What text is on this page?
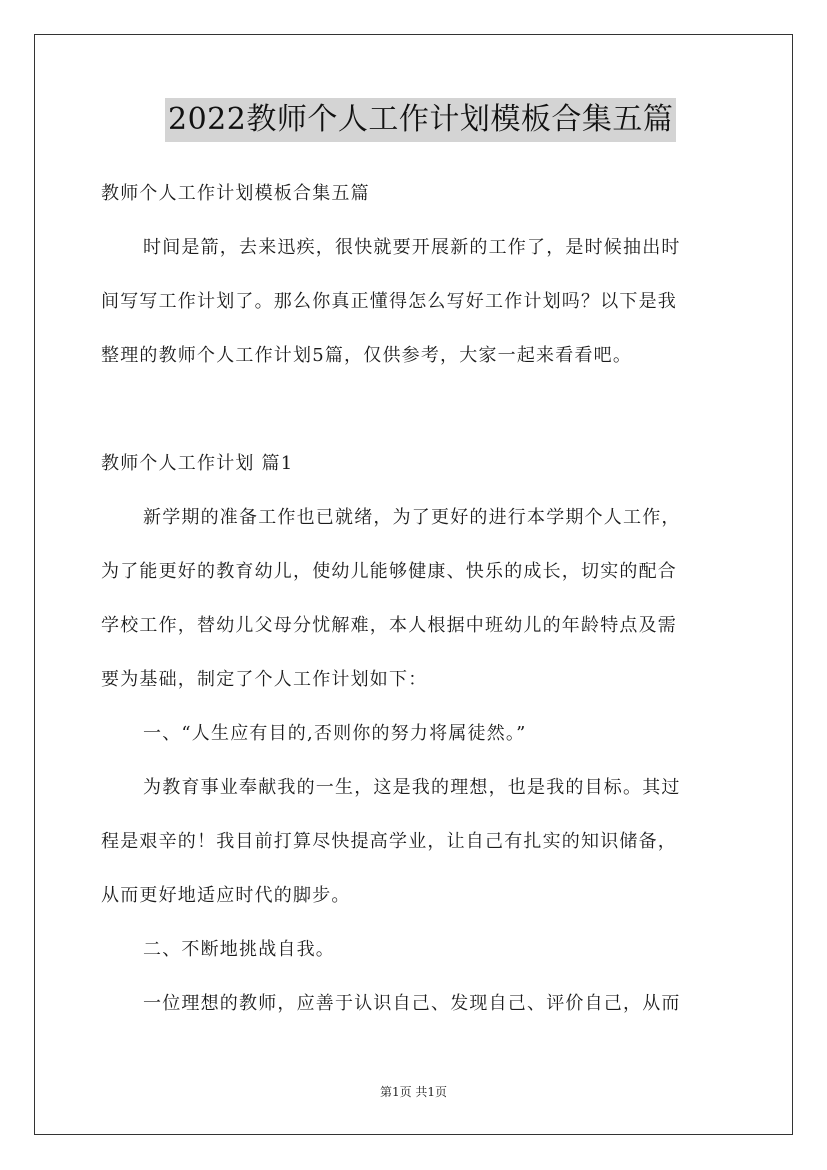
2022教师个人工作计划模板合集五篇
教师个人工作计划模板合集五篇
时间是箭，去来迅疾，很快就要开展新的工作了，是时候抽出时
间写写工作计划了。那么你真正懂得怎么写好工作计划吗？以下是我
整理的教师个人工作计划5篇，仅供参考，大家一起来看看吧。
教师个人工作计划 篇1
新学期的准备工作也已就绪，为了更好的进行本学期个人工作，
为了能更好的教育幼儿，使幼儿能够健康、快乐的成长，切实的配合
学校工作，替幼儿父母分忧解难，本人根据中班幼儿的年龄特点及需
要为基础，制定了个人工作计划如下：
一、“人生应有目的,否则你的努力将属徒然。”
为教育事业奉献我的一生，这是我的理想，也是我的目标。其过
程是艰辛的！我目前打算尽快提高学业，让自己有扎实的知识储备，
从而更好地适应时代的脚步。
二、不断地挑战自我。
一位理想的教师，应善于认识自己、发现自己、评价自己，从而
第1页 共1页
